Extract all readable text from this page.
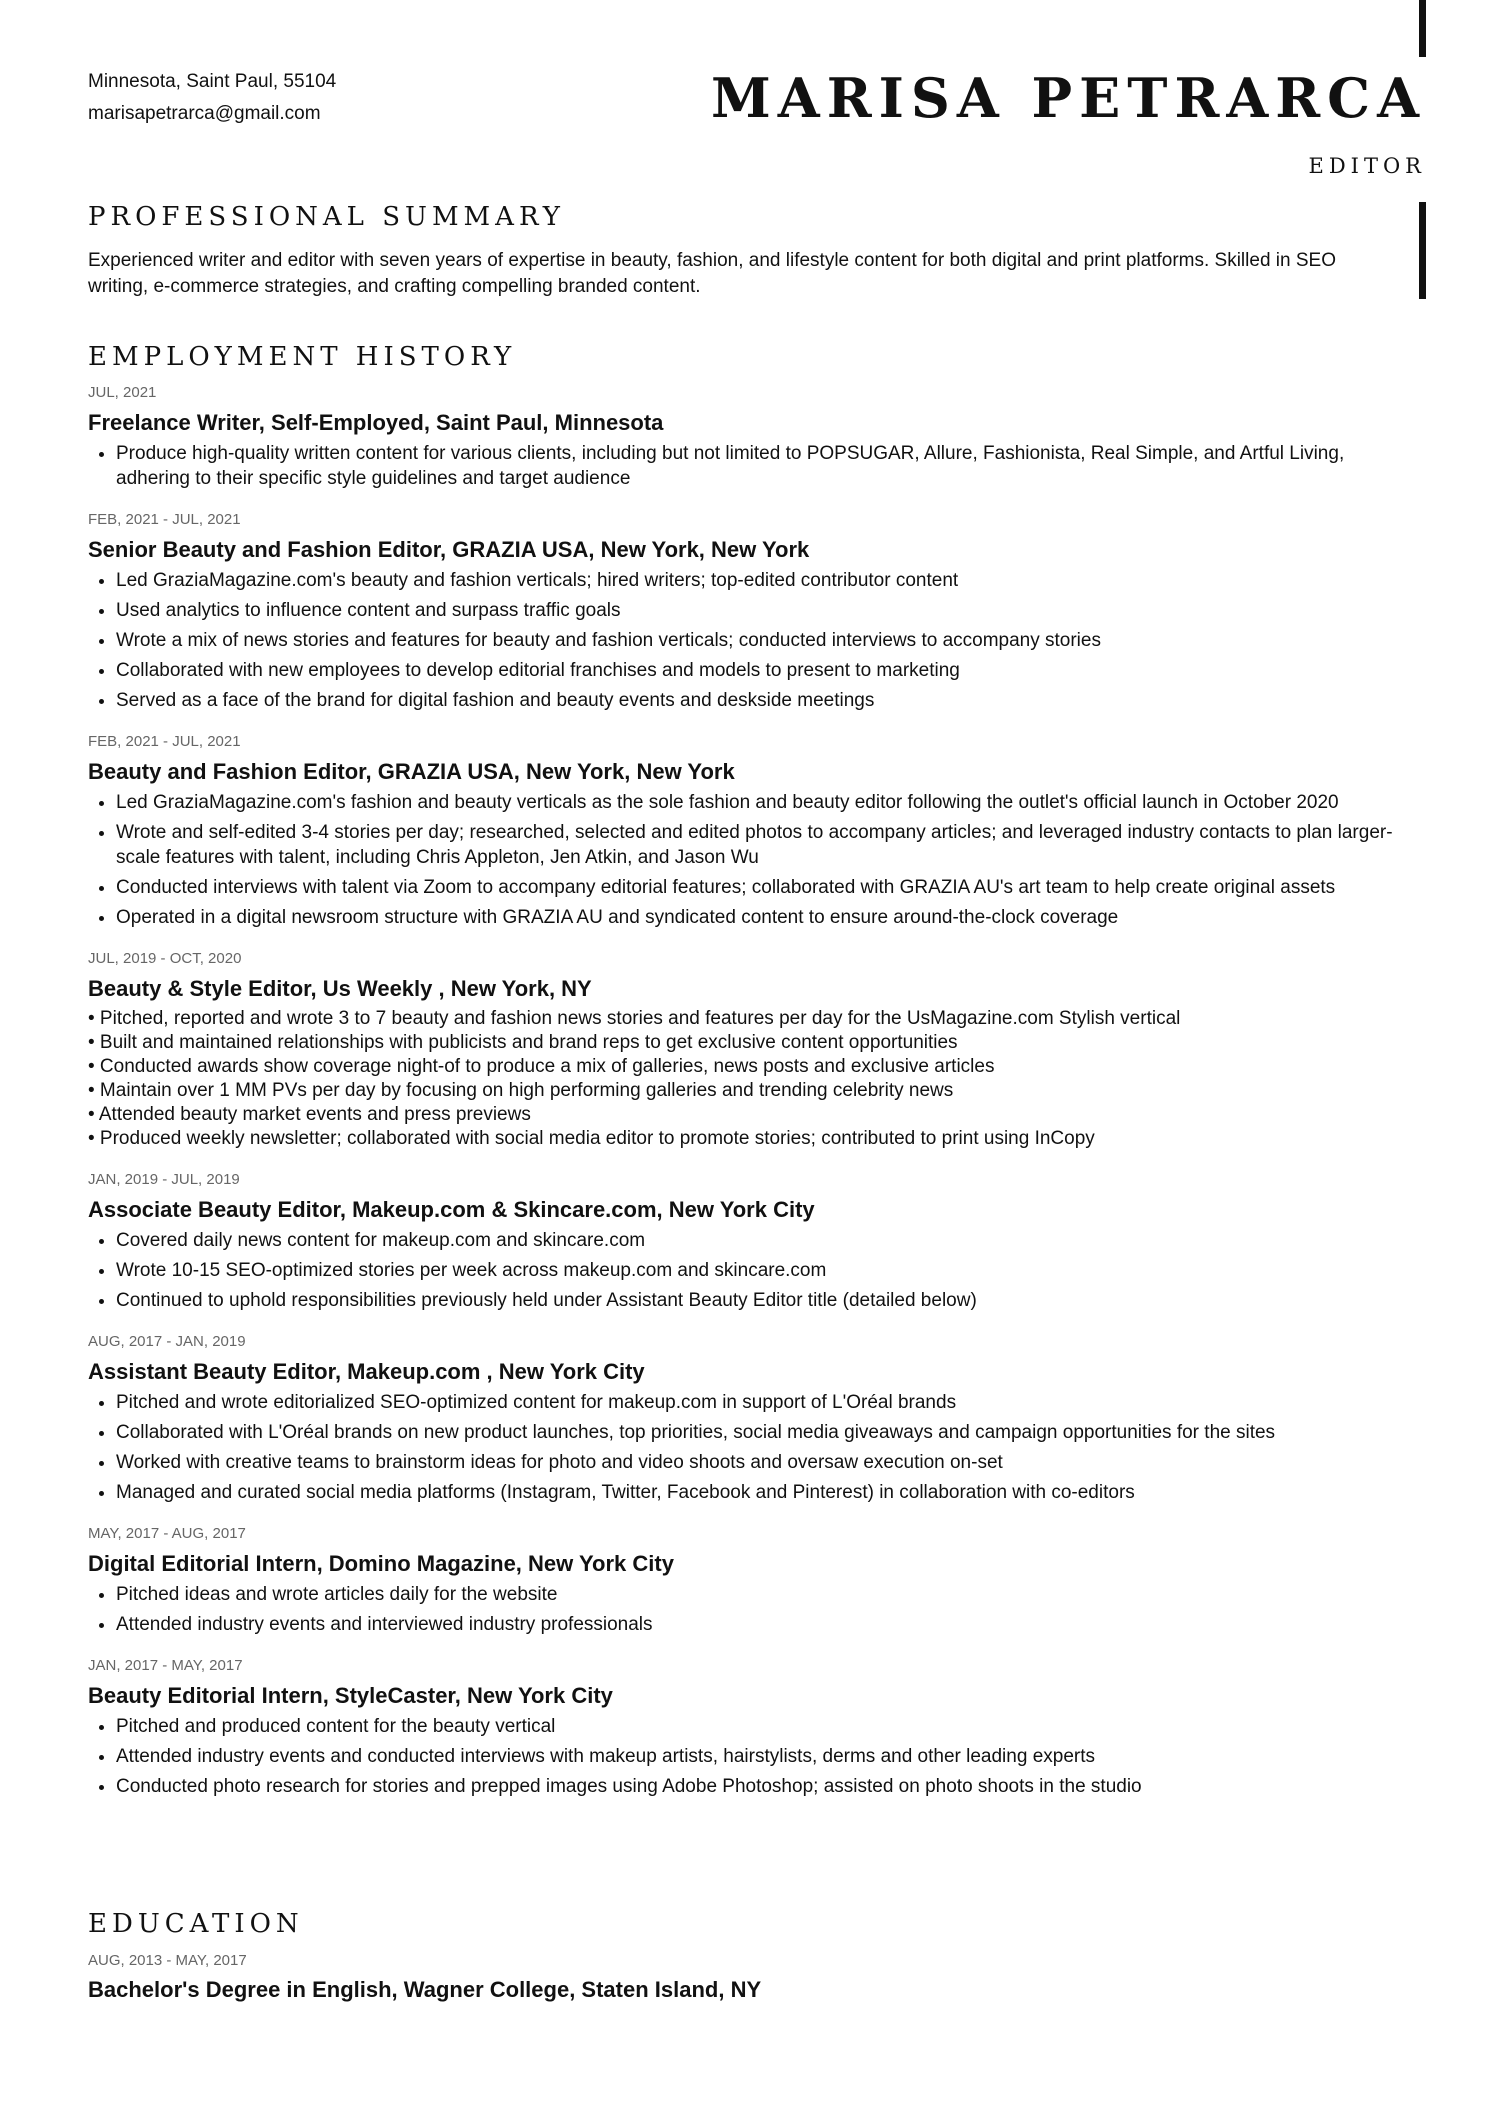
Minnesota, Saint Paul, 55104
marisapetrarca@gmail.com	MARISA PETRARCA
EDITOR
PROFESSIONAL SUMMARY

Experienced writer and editor with seven years of expertise in beauty, fashion, and lifestyle content for both digital and print platforms. Skilled in SEO writing, e-commerce strategies, and crafting compelling branded content.

EMPLOYMENT HISTORY
JUL, 2021
Freelance Writer, Self-Employed, Saint Paul, Minnesota
• Produce high-quality written content for various clients, including but not limited to POPSUGAR, Allure, Fashionista, Real Simple, and Artful Living, adhering to their specific style guidelines and target audience
FEB, 2021 - JUL, 2021
Senior Beauty and Fashion Editor, GRAZIA USA, New York, New York
• Led GraziaMagazine.com's beauty and fashion verticals; hired writers; top-edited contributor content
• Used analytics to influence content and surpass traffic goals
• Wrote a mix of news stories and features for beauty and fashion verticals; conducted interviews to accompany stories
• Collaborated with new employees to develop editorial franchises and models to present to marketing
• Served as a face of the brand for digital fashion and beauty events and deskside meetings
FEB, 2021 - JUL, 2021
Beauty and Fashion Editor, GRAZIA USA, New York, New York
• Led GraziaMagazine.com's fashion and beauty verticals as the sole fashion and beauty editor following the outlet's official launch in October 2020
• Wrote and self-edited 3-4 stories per day; researched, selected and edited photos to accompany articles; and leveraged industry contacts to plan larger-scale features with talent, including Chris Appleton, Jen Atkin, and Jason Wu
• Conducted interviews with talent via Zoom to accompany editorial features; collaborated with GRAZIA AU's art team to help create original assets
• Operated in a digital newsroom structure with GRAZIA AU and syndicated content to ensure around-the-clock coverage
JUL, 2019 - OCT, 2020
Beauty & Style Editor, Us Weekly , New York, NY
• Pitched, reported and wrote 3 to 7 beauty and fashion news stories and features per day for the UsMagazine.com Stylish vertical
• Built and maintained relationships with publicists and brand reps to get exclusive content opportunities
• Conducted awards show coverage night-of to produce a mix of galleries, news posts and exclusive articles
• Maintain over 1 MM PVs per day by focusing on high performing galleries and trending celebrity news
• Attended beauty market events and press previews
• Produced weekly newsletter; collaborated with social media editor to promote stories; contributed to print using InCopy
JAN, 2019 - JUL, 2019
Associate Beauty Editor, Makeup.com & Skincare.com, New York City
• Covered daily news content for makeup.com and skincare.com
• Wrote 10-15 SEO-optimized stories per week across makeup.com and skincare.com
• Continued to uphold responsibilities previously held under Assistant Beauty Editor title (detailed below)
AUG, 2017 - JAN, 2019
Assistant Beauty Editor, Makeup.com , New York City
• Pitched and wrote editorialized SEO-optimized content for makeup.com in support of L'Oréal brands
• Collaborated with L'Oréal brands on new product launches, top priorities, social media giveaways and campaign opportunities for the sites
• Worked with creative teams to brainstorm ideas for photo and video shoots and oversaw execution on-set
• Managed and curated social media platforms (Instagram, Twitter, Facebook and Pinterest) in collaboration with co-editors
MAY, 2017 - AUG, 2017
Digital Editorial Intern, Domino Magazine, New York City
• Pitched ideas and wrote articles daily for the website
• Attended industry events and interviewed industry professionals
JAN, 2017 - MAY, 2017
Beauty Editorial Intern, StyleCaster, New York City
• Pitched and produced content for the beauty vertical
• Attended industry events and conducted interviews with makeup artists, hairstylists, derms and other leading experts
• Conducted photo research for stories and prepped images using Adobe Photoshop; assisted on photo shoots in the studio
EDUCATION
AUG, 2013 - MAY, 2017
Bachelor's Degree in English, Wagner College, Staten Island, NY
